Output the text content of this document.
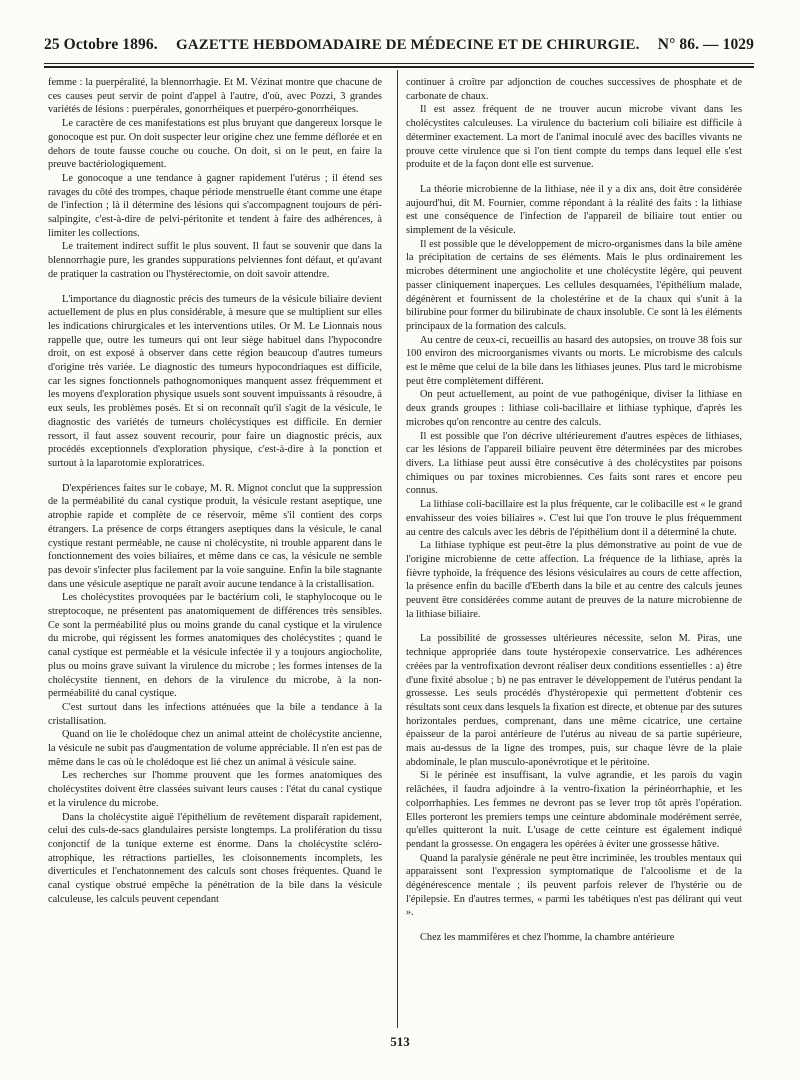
25 Octobre 1896. GAZETTE HEBDOMADAIRE DE MÉDECINE ET DE CHIRURGIE. N° 86. — 1029

femme : la puerpéralité, la blennorrhagie. Et M. Vézinat montre que chacune de ces causes peut servir de point d'appel à l'autre, d'où, avec Pozzi, 3 grandes variétés de lésions : puerpérales, gonorrhéiques et puerpéro-gonorrhéiques.

Le caractère de ces manifestations est plus bruyant que dangereux lorsque le gonocoque est pur. On doit suspecter leur origine chez une femme déflorée et en dehors de toute fausse couche ou couche. On doit, si on le peut, en faire la preuve bactériologiquement.

Le gonocoque a une tendance à gagner rapidement l'utérus ; il étend ses ravages du côté des trompes, chaque période menstruelle étant comme une étape de l'infection ; là il détermine des lésions qui s'accompagnent toujours de péri-salpingite, c'est-à-dire de pelvi-péritonite et tendent à faire des adhérences, à limiter les collections.

Le traitement indirect suffit le plus souvent. Il faut se souvenir que dans la blennorrhagie pure, les grandes suppurations pelviennes font défaut, et qu'avant de pratiquer la castration ou l'hystérectomie, on doit savoir attendre.

L'importance du diagnostic précis des tumeurs de la vésicule biliaire devient actuellement de plus en plus considérable, à mesure que se multiplient sur elles les indications chirurgicales et les interventions utiles. Or M. Le Lionnais nous rappelle que, outre les tumeurs qui ont leur siège habituel dans l'hypocondre droit, on est exposé à observer dans cette région beaucoup d'autres tumeurs d'origine très variée. Le diagnostic des tumeurs hypocondriaques est difficile, car les signes fonctionnels pathognomoniques manquent assez fréquemment et les moyens d'exploration physique usuels sont souvent impuissants à résoudre, à eux seuls, les problèmes posés. Et si on reconnaît qu'il s'agit de la vésicule, le diagnostic des variétés de tumeurs cholécystiques est difficile. En dernier ressort, il faut assez souvent recourir, pour faire un diagnostic précis, aux procédés exceptionnels d'exploration physique, c'est-à-dire à la ponction et surtout à la laparotomie exploratrices.

D'expériences faites sur le cobaye, M. R. Mignot conclut que la suppression de la perméabilité du canal cystique produit, la vésicule restant aseptique, une atrophie rapide et complète de ce réservoir, même s'il contient des corps étrangers. La présence de corps étrangers aseptiques dans la vésicule, le canal cystique restant perméable, ne cause ni cholécystite, ni trouble apparent dans le fonctionnement des voies biliaires, et même dans ce cas, la vésicule ne semble pas devoir s'infecter plus facilement par la voie sanguine. Enfin la bile stagnante dans une vésicule aseptique ne paraît avoir aucune tendance à la cristallisation.

Les cholécystites provoquées par le bactérium coli, le staphylocoque ou le streptocoque, ne présentent pas anatomiquement de différences très sensibles. Ce sont la perméabilité plus ou moins grande du canal cystique et la virulence du microbe, qui régissent les formes anatomiques des cholécystites ; quand le canal cystique est perméable et la vésicule infectée il y a toujours angiocholite, plus ou moins grave suivant la virulence du microbe ; les formes intenses de la cholécystite tiennent, en dehors de la virulence du microbe, à la non-perméabilité du canal cystique.

C'est surtout dans les infections atténuées que la bile a tendance à la cristallisation.

Quand on lie le cholédoque chez un animal atteint de cholécystite ancienne, la vésicule ne subit pas d'augmentation de volume appréciable. Il n'en est pas de même dans le cas où le cholédoque est lié chez un animal à vésicule saine.

Les recherches sur l'homme prouvent que les formes anatomiques des cholécystites doivent être classées suivant leurs causes : l'état du canal cystique et la virulence du microbe.

Dans la cholécystite aiguë l'épithélium de revêtement disparaît rapidement, celui des culs-de-sacs glandulaires persiste longtemps. La prolifération du tissu conjonctif de la tunique externe est énorme. Dans la cholécystite scléro-atrophique, les rétractions partielles, les cloisonnements incomplets, les diverticules et l'enchatonnement des calculs sont choses fréquentes. Quand le canal cystique obstrué empêche la pénétration de la bile dans la vésicule calculeuse, les calculs peuvent cependant

continuer à croître par adjonction de couches successives de phosphate et de carbonate de chaux.

Il est assez fréquent de ne trouver aucun microbe vivant dans les cholécystites calculeuses. La virulence du bacterium coli biliaire est difficile à déterminer exactement. La mort de l'animal inoculé avec des bacilles vivants ne prouve cette virulence que si l'on tient compte du temps dans lequel elle s'est produite et de la façon dont elle est survenue.

La théorie microbienne de la lithiase, née il y a dix ans, doit être considérée aujourd'hui, dit M. Fournier, comme répondant à la réalité des faits : la lithiase est une conséquence de l'infection de l'appareil de biliaire tout entier ou simplement de la vésicule.

Il est possible que le développement de micro-organismes dans la bile amène la précipitation de certains de ses éléments. Mais le plus ordinairement les microbes déterminent une angiocholite et une cholécystite légère, qui peuvent passer cliniquement inaperçues. Les cellules desquamées, l'épithélium malade, dégénèrent et fournissent de la cholestérine et de la chaux qui s'unit à la bilirubine pour former du bilirubinate de chaux insoluble. Ce sont là les éléments principaux de la formation des calculs.

Au centre de ceux-ci, recueillis au hasard des autopsies, on trouve 38 fois sur 100 environ des microorganismes vivants ou morts. Le microbisme des calculs est le même que celui de la bile dans les lithiases jeunes. Plus tard le microbisme peut être complètement différent.

On peut actuellement, au point de vue pathogénique, diviser la lithiase en deux grands groupes : lithiase coli-bacillaire et lithiase typhique, d'après les microbes qu'on rencontre au centre des calculs.

Il est possible que l'on décrive ultérieurement d'autres espèces de lithiases, car les lésions de l'appareil biliaire peuvent être déterminées par des microbes divers. La lithiase peut aussi être consécutive à des cholécystites par poisons chimiques ou par toxines microbiennes. Ces faits sont rares et encore peu connus.

La lithiase coli-bacillaire est la plus fréquente, car le colibacille est « le grand envahisseur des voies biliaires ». C'est lui que l'on trouve le plus fréquemment au centre des calculs avec les débris de l'épithélium dont il a déterminé la chute.

La lithiase typhique est peut-être la plus démonstrative au point de vue de l'origine microbienne de cette affection. La fréquence de la lithiase, après la fièvre typhoïde, la fréquence des lésions vésiculaires au cours de cette affection, la présence enfin du bacille d'Eberth dans la bile et au centre des calculs jeunes peuvent être considérées comme autant de preuves de la nature microbienne de la lithiase biliaire.

La possibilité de grossesses ultérieures nécessite, selon M. Piras, une technique appropriée dans toute hystéropexie conservatrice. Les adhérences créées par la ventrofixation devront réaliser deux conditions essentielles : a) être d'une fixité absolue ; b) ne pas entraver le développement de l'utérus pendant la grossesse. Les seuls procédés d'hystéropexie qui permettent d'obtenir ces résultats sont ceux dans lesquels la fixation est directe, et obtenue par des sutures horizontales perdues, comprenant, dans une même cicatrice, une certaine épaisseur de la paroi antérieure de l'utérus au niveau de sa partie supérieure, mais au-dessus de la ligne des trompes, puis, sur chaque lèvre de la plaie abdominale, le plan musculo-aponévrotique et le péritoine.

Si le périnée est insuffisant, la vulve agrandie, et les parois du vagin relâchées, il faudra adjoindre à la ventro-fixation la périnéorrhaphie, et les colporrhaphies. Les femmes ne devront pas se lever trop tôt après l'opération. Elles porteront les premiers temps une ceinture abdominale modérément serrée, qu'elles quitteront la nuit. L'usage de cette ceinture est également indiqué pendant la grossesse. On engagera les opérées à éviter une grossesse hâtive.

Quand la paralysie générale ne peut être incriminée, les troubles mentaux qui apparaissent sont l'expression symptomatique de l'alcoolisme et de la dégénérescence mentale ; ils peuvent parfois relever de l'hystérie ou de l'épilepsie. En d'autres termes, « parmi les tabétiques n'est pas délirant qui veut ».

Chez les mammifères et chez l'homme, la chambre antérieure

513
